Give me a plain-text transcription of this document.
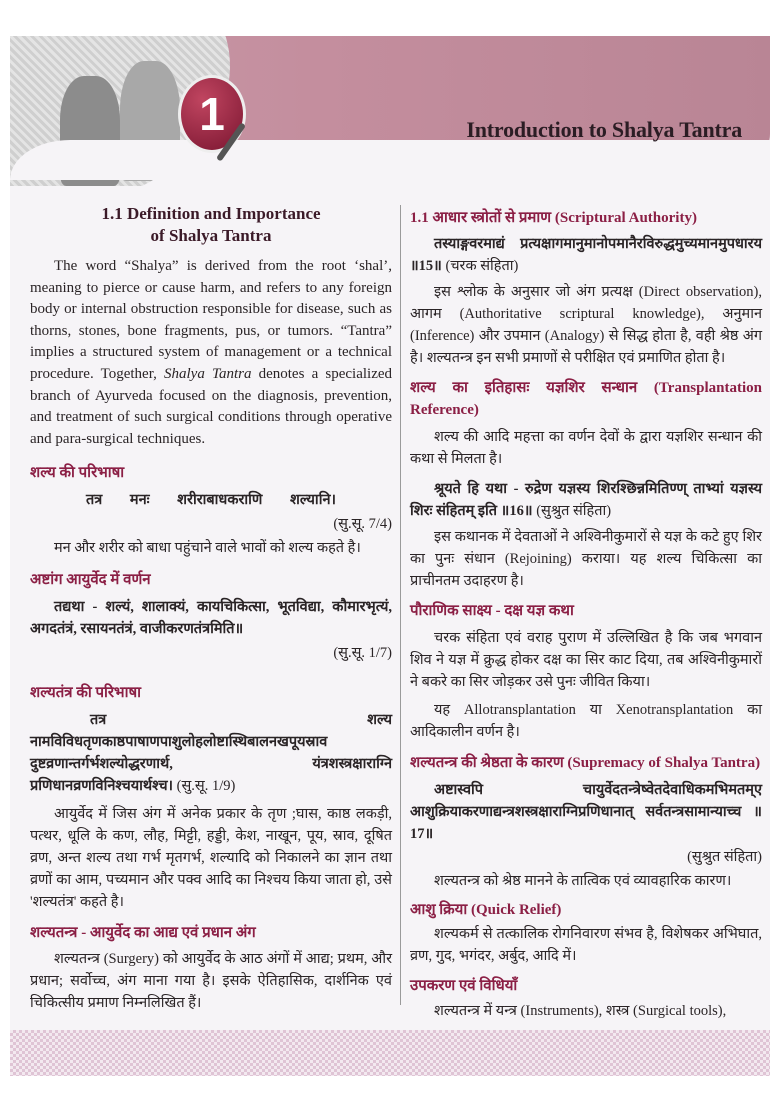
1	Introduction to Shalya Tantra
1.1 Definition and Importance
of Shalya Tantra
The word “Shalya” is derived from the root ‘shal’, meaning to pierce or cause harm, and refers to any foreign body or internal obstruction responsible for disease, such as thorns, stones, bone fragments, pus, or tumors. “Tantra” implies a structured system of management or a technical procedure. Together, Shalya Tantra denotes a specialized branch of Ayurveda focused on the diagnosis, prevention, and treatment of such surgical conditions through operative and para-surgical techniques.
शल्य की परिभाषा
तत्र मनः शरीराबाधकराणि शल्यानि।
(सु.सू. 7/4)
मन और शरीर को बाधा पहुंचाने वाले भावों को शल्य कहते है।
अष्टांग आयुर्वेद में वर्णन
तद्यथा - शल्यं, शालाक्यं, कायचिकित्सा, भूतविद्या, कौमारभृत्यं, अगदतंत्रं, रसायनतंत्रं, वाजीकरणतंत्रमिति॥
(सु.सू. 1/7)
शल्यतंत्र की परिभाषा
तत्र शल्य नामविविधतृणकाष्ठपाषाणपाशुलोहलोष्टास्थिबालनखपूयस्राव दुष्टव्रणान्तर्गर्भशल्योद्धरणार्थ, यंत्रशस्त्रक्षाराग्नि प्रणिधानव्रणविनिश्चयार्थश्च। (सु.सू. 1/9)
आयुर्वेद में जिस अंग में अनेक प्रकार के तृण ;घास, काष्ठ लकड़ी, पत्थर, धूलि के कण, लौह, मिट्टी, हड्डी, केश, नाखून, पूय, स्राव, दूषित व्रण, अन्त शल्य तथा गर्भ मृतगर्भ, शल्यादि को निकालने का ज्ञान तथा व्रणों का आम, पच्यमान और पक्व आदि का निश्चय किया जाता हो, उसे 'शल्यतंत्र' कहते है।
शल्यतन्त्र - आयुर्वेद का आद्य एवं प्रधान अंग
शल्यतन्त्र (Surgery) को आयुर्वेद के आठ अंगों में आद्य; प्रथम, और प्रधान; सर्वोच्च, अंग माना गया है। इसके ऐतिहासिक, दार्शनिक एवं चिकित्सीय प्रमाण निम्नलिखित हैं।
1.1 आधार स्त्रोतों से प्रमाण (Scriptural Authority)
तस्याङ्गवरमाद्यं प्रत्यक्षागमानुमानोपमानैरविरुद्धमुच्यमानमुपधारय ॥15॥ (चरक संहिता)
इस श्लोक के अनुसार जो अंग प्रत्यक्ष (Direct observation), आगम (Authoritative scriptural knowledge), अनुमान (Inference) और उपमान (Analogy) से सिद्ध होता है, वही श्रेष्ठ अंग है। शल्यतन्त्र इन सभी प्रमाणों से परीक्षित एवं प्रमाणित होता है।
शल्य का इतिहासः यज्ञशिर सन्धान (Transplantation Reference)
शल्य की आदि महत्ता का वर्णन देवों के द्वारा यज्ञशिर सन्धान की कथा से मिलता है।
श्रूयते हि यथा - रुद्रेण यज्ञस्य शिरश्छिन्नमितिण्ण् ताभ्यां यज्ञस्य शिरः संहितम् इति ॥16॥ (सुश्रुत संहिता)
इस कथानक में देवताओं ने अश्विनीकुमारों से यज्ञ के कटे हुए शिर का पुनः संधान (Rejoining) कराया। यह शल्य चिकित्सा का प्राचीनतम उदाहरण है।
पौराणिक साक्ष्य - दक्ष यज्ञ कथा
चरक संहिता एवं वराह पुराण में उल्लिखित है कि जब भगवान शिव ने यज्ञ में क्रुद्ध होकर दक्ष का सिर काट दिया, तब अश्विनीकुमारों ने बकरे का सिर जोड़कर उसे पुनः जीवित किया।
यह Allotransplantation या Xenotransplantation का आदिकालीन वर्णन है।
शल्यतन्त्र की श्रेष्ठता के कारण (Supremacy of Shalya Tantra)
अष्टास्वपि चायुर्वेदतन्त्रेष्वेतदेवाधिकमभिमतम्ए आशुक्रियाकरणाद्यन्त्रशस्त्रक्षाराग्निप्रणिधानात् सर्वतन्त्रसामान्याच्च ॥17॥
(सुश्रुत संहिता)
शल्यतन्त्र को श्रेष्ठ मानने के तात्विक एवं व्यावहारिक कारण।
आशु क्रिया (Quick Relief)
शल्यकर्म से तत्कालिक रोगनिवारण संभव है, विशेषकर अभिघात, व्रण, गुद, भगंदर, अर्बुद, आदि में।
उपकरण एवं विधियाँ
शल्यतन्त्र में यन्त्र (Instruments), शस्त्र (Surgical tools),
